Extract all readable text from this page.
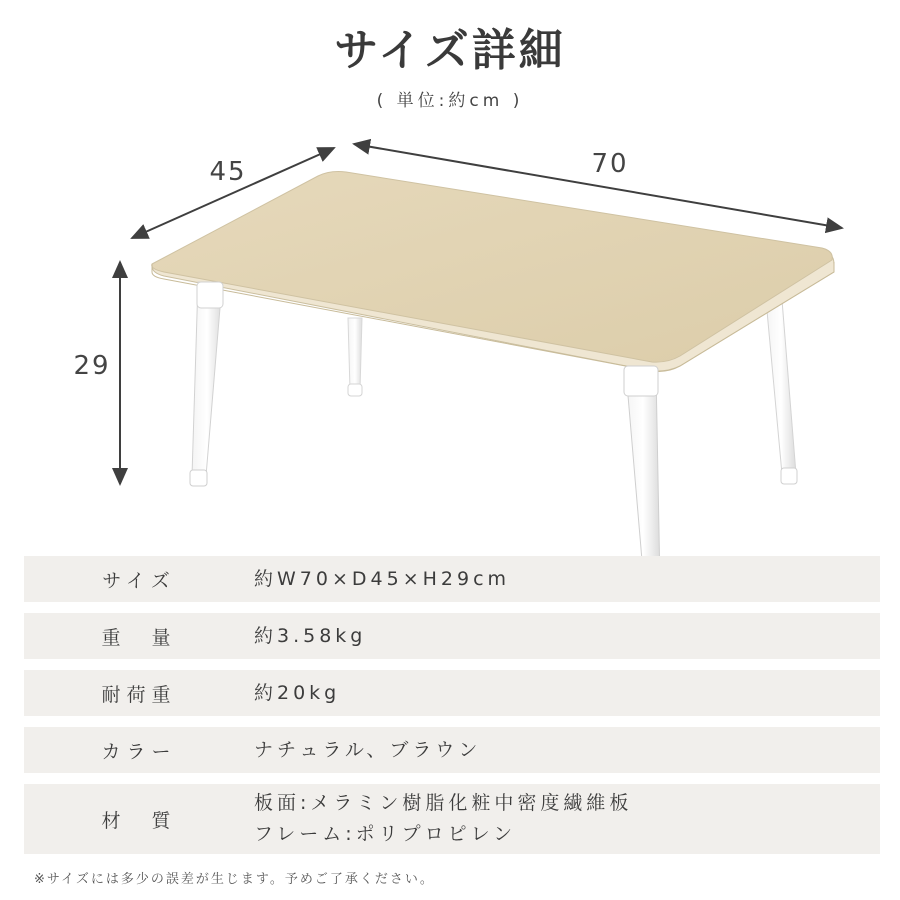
サイズ詳細
( 単位:約cm )
45	70
29
サイズ	約W70×D45×H29cm
重　量	約3.58kg
耐荷重	約20kg
カラー	ナチュラル、ブラウン
材　質
板面:メラミン樹脂化粧中密度繊維板
フレーム:ポリプロピレン
※サイズには多少の誤差が生じます。予めご了承ください。
